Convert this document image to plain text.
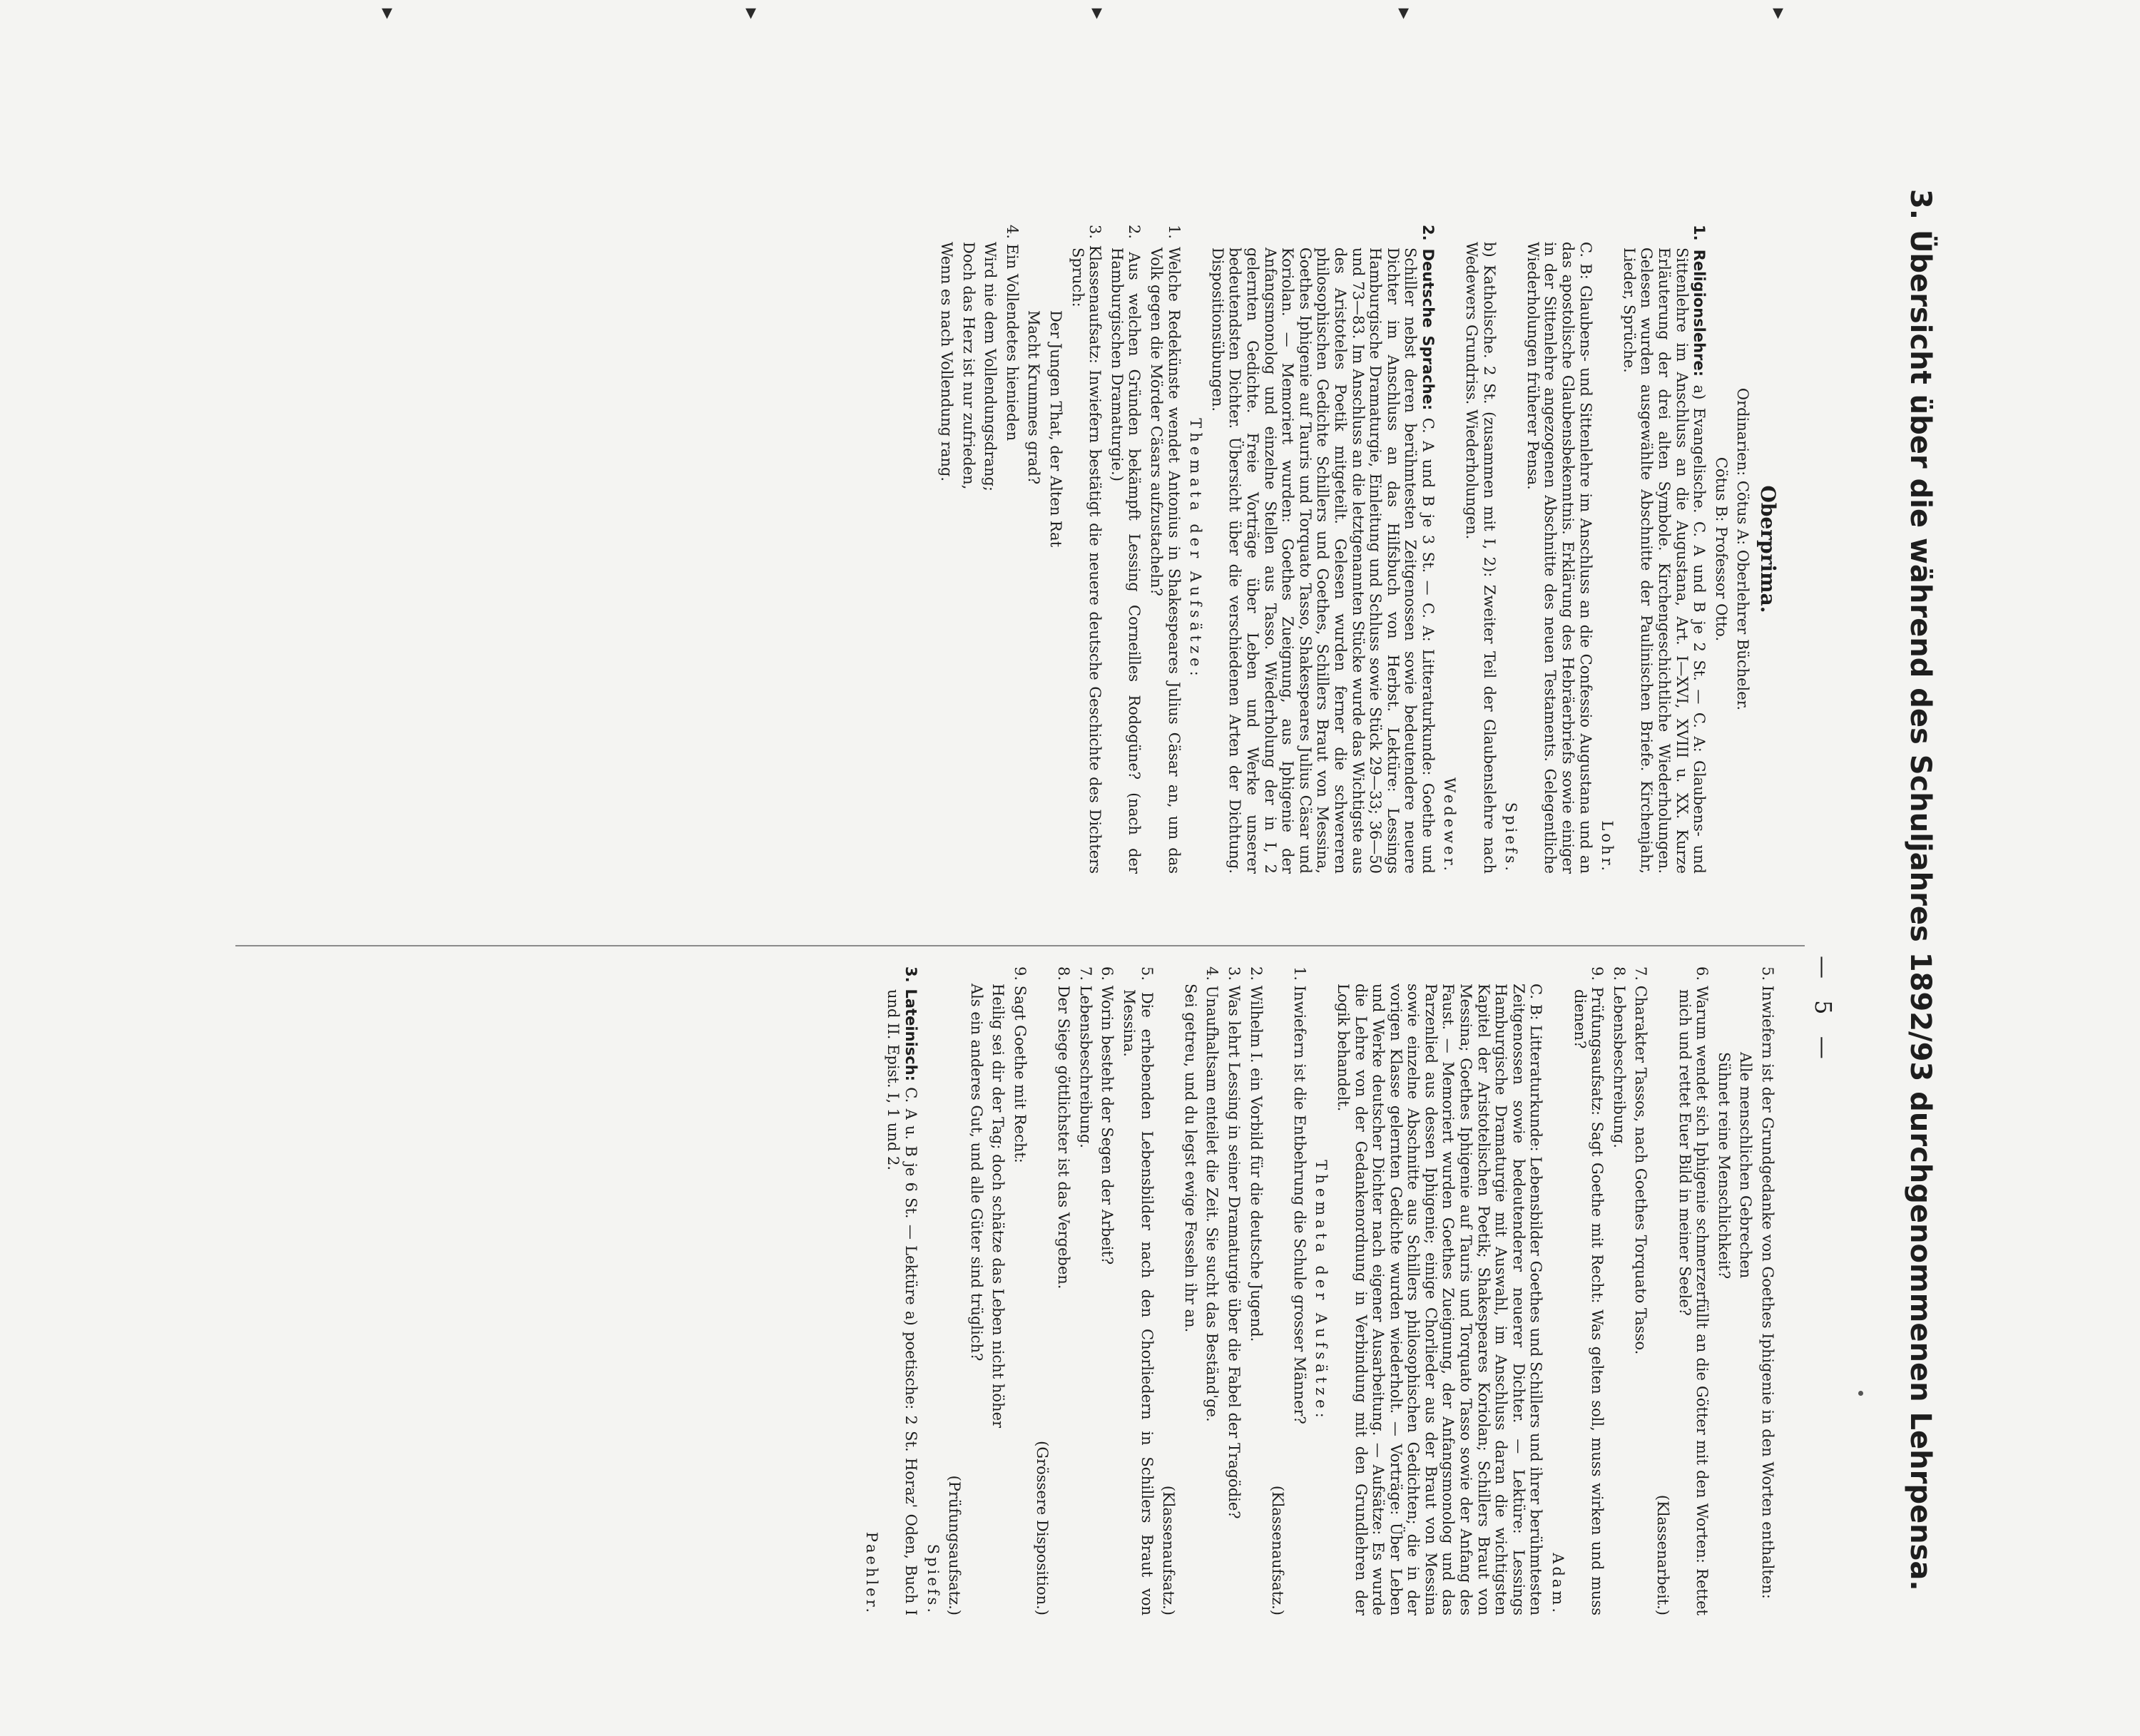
▾	▾	▾	▾	▾
3. Übersicht über die während des Schuljahres 1892/93 durchgenommenen Lehrpensa.
— 5 —
Oberprima.

Ordinarien: Cötus A: Oberlehrer Bücheler.

Cötus B: Professor Otto.

1. Religionslehre: a) Evangelische. C. A und B je 2 St. — C. A: Glaubens- und Sittenlehre im Anschluss an die Augustana, Art. I—XVI, XVIII u. XX. Kurze Erläuterung der drei alten Symbole. Kirchengeschichtliche Wiederholungen. Gelesen wurden ausgewählte Abschnitte der Paulinischen Briefe. Kirchenjahr, Lieder, Sprüche.

Lohr.

C. B: Glaubens- und Sittenlehre im Anschluss an die Confessio Augustana und an das apostolische Glaubensbekenntnis. Erklärung des Hebräerbriefs sowie einiger in der Sittenlehre angezogenen Abschnitte des neuen Testaments. Gelegentliche Wiederholungen früherer Pensa.

Spiefs.

b) Katholische. 2 St. (zusammen mit I, 2): Zweiter Teil der Glaubenslehre nach Wedewers Grundriss. Wiederholungen.

Wedewer.

2. Deutsche Sprache: C. A und B je 3 St. — C. A: Litteraturkunde: Goethe und Schiller nebst deren berühmtesten Zeitgenossen sowie bedeutendere neuere Dichter im Anschluss an das Hilfsbuch von Herbst. Lektüre: Lessings Hamburgische Dramaturgie, Einleitung und Schluss sowie Stück 29—33; 36—50 und 73—83. Im Anschluss an die letztgenannten Stücke wurde das Wichtigste aus des Aristoteles Poetik mitgeteilt. Gelesen wurden ferner die schwereren philosophischen Gedichte Schillers und Goethes, Schillers Braut von Messina, Goethes Iphigenie auf Tauris und Torquato Tasso, Shakespeares Julius Cäsar und Koriolan. — Memoriert wurden: Goethes Zueignung, aus Iphigenie der Anfangsmonolog und einzelne Stellen aus Tasso. Wiederholung der in I, 2 gelernten Gedichte. Freie Vorträge über Leben und Werke unserer bedeutendsten Dichter. Übersicht über die verschiedenen Arten der Dichtung. Dispositionsübungen.

Themata der Aufsätze:

1. Welche Redekünste wendet Antonius in Shakespeares Julius Cäsar an, um das Volk gegen die Mörder Cäsars aufzustacheln?

2. Aus welchen Gründen bekämpft Lessing Corneilles Rodogüne? (nach der Hamburgischen Dramaturgie.)

3. Klassenaufsatz: Inwiefern bestätigt die neuere deutsche Geschichte des Dichters Spruch:

Der Jungen That, der Alten Rat

Macht Krummes grad?

4. Ein Vollendetes hienieden

Wird nie dem Vollendungsdrang;

Doch das Herz ist nur zufrieden,

Wenn es nach Vollendung rang.

5. Inwiefern ist der Grundgedanke von Goethes Iphigenie in den Worten enthalten:

Alle menschlichen Gebrechen

Sühnet reine Menschlichkeit?

6. Warum wendet sich Iphigenie schmerzerfüllt an die Götter mit den Worten: Rettet mich und rettet Euer Bild in meiner Seele?

(Klassenarbeit.)

7. Charakter Tassos, nach Goethes Torquato Tasso.

8. Lebensbeschreibung.

9. Prüfungsaufsatz: Sagt Goethe mit Recht: Was gelten soll, muss wirken und muss dienen?

Adam.

C. B: Litteraturkunde: Lebensbilder Goethes und Schillers und ihrer berühmtesten Zeitgenossen sowie bedeutenderer neuerer Dichter. — Lektüre: Lessings Hamburgische Dramaturgie mit Auswahl, im Anschluss daran die wichtigsten Kapitel der Aristotelischen Poetik; Shakespeares Koriolan; Schillers Braut von Messina; Goethes Iphigenie auf Tauris und Torquato Tasso sowie der Anfang des Faust. — Memoriert wurden Goethes Zueignung, der Anfangsmonolog und das Parzenlied aus dessen Iphigenie; einige Chorlieder aus der Braut von Messina sowie einzelne Abschnitte aus Schillers philosophischen Gedichten; die in der vorigen Klasse gelernten Gedichte wurden wiederholt. — Vorträge: Über Leben und Werke deutscher Dichter nach eigener Ausarbeitung. — Aufsätze: Es wurde die Lehre von der Gedankenordnung in Verbindung mit den Grundlehren der Logik behandelt.

Themata der Aufsätze:

1. Inwiefern ist die Entbehrung die Schule grosser Männer?

(Klassenaufsatz.)

2. Wilhelm I. ein Vorbild für die deutsche Jugend.

3. Was lehrt Lessing in seiner Dramaturgie über die Fabel der Tragödie?

4. Unaufhaltsam enteilet die Zeit. Sie sucht das Beständ'ge.

Sei getreu, und du legst ewige Fesseln ihr an.

(Klassenaufsatz.)

5. Die erhebenden Lebensbilder nach den Chorliedern in Schillers Braut von Messina.

6. Worin besteht der Segen der Arbeit?

7. Lebensbeschreibung.

8. Der Siege göttlichster ist das Vergeben.

(Grössere Disposition.)

9. Sagt Goethe mit Recht:

Heilig sei dir der Tag; doch schätze das Leben nicht höher

Als ein anderes Gut, und alle Güter sind trüglich?

(Prüfungsaufsatz.)

Spiefs.

3. Lateinisch: C. A u. B je 6 St. — Lektüre a) poetische: 2 St. Horaz' Oden, Buch I und II. Epist. I, 1 und 2.

Paehler.
